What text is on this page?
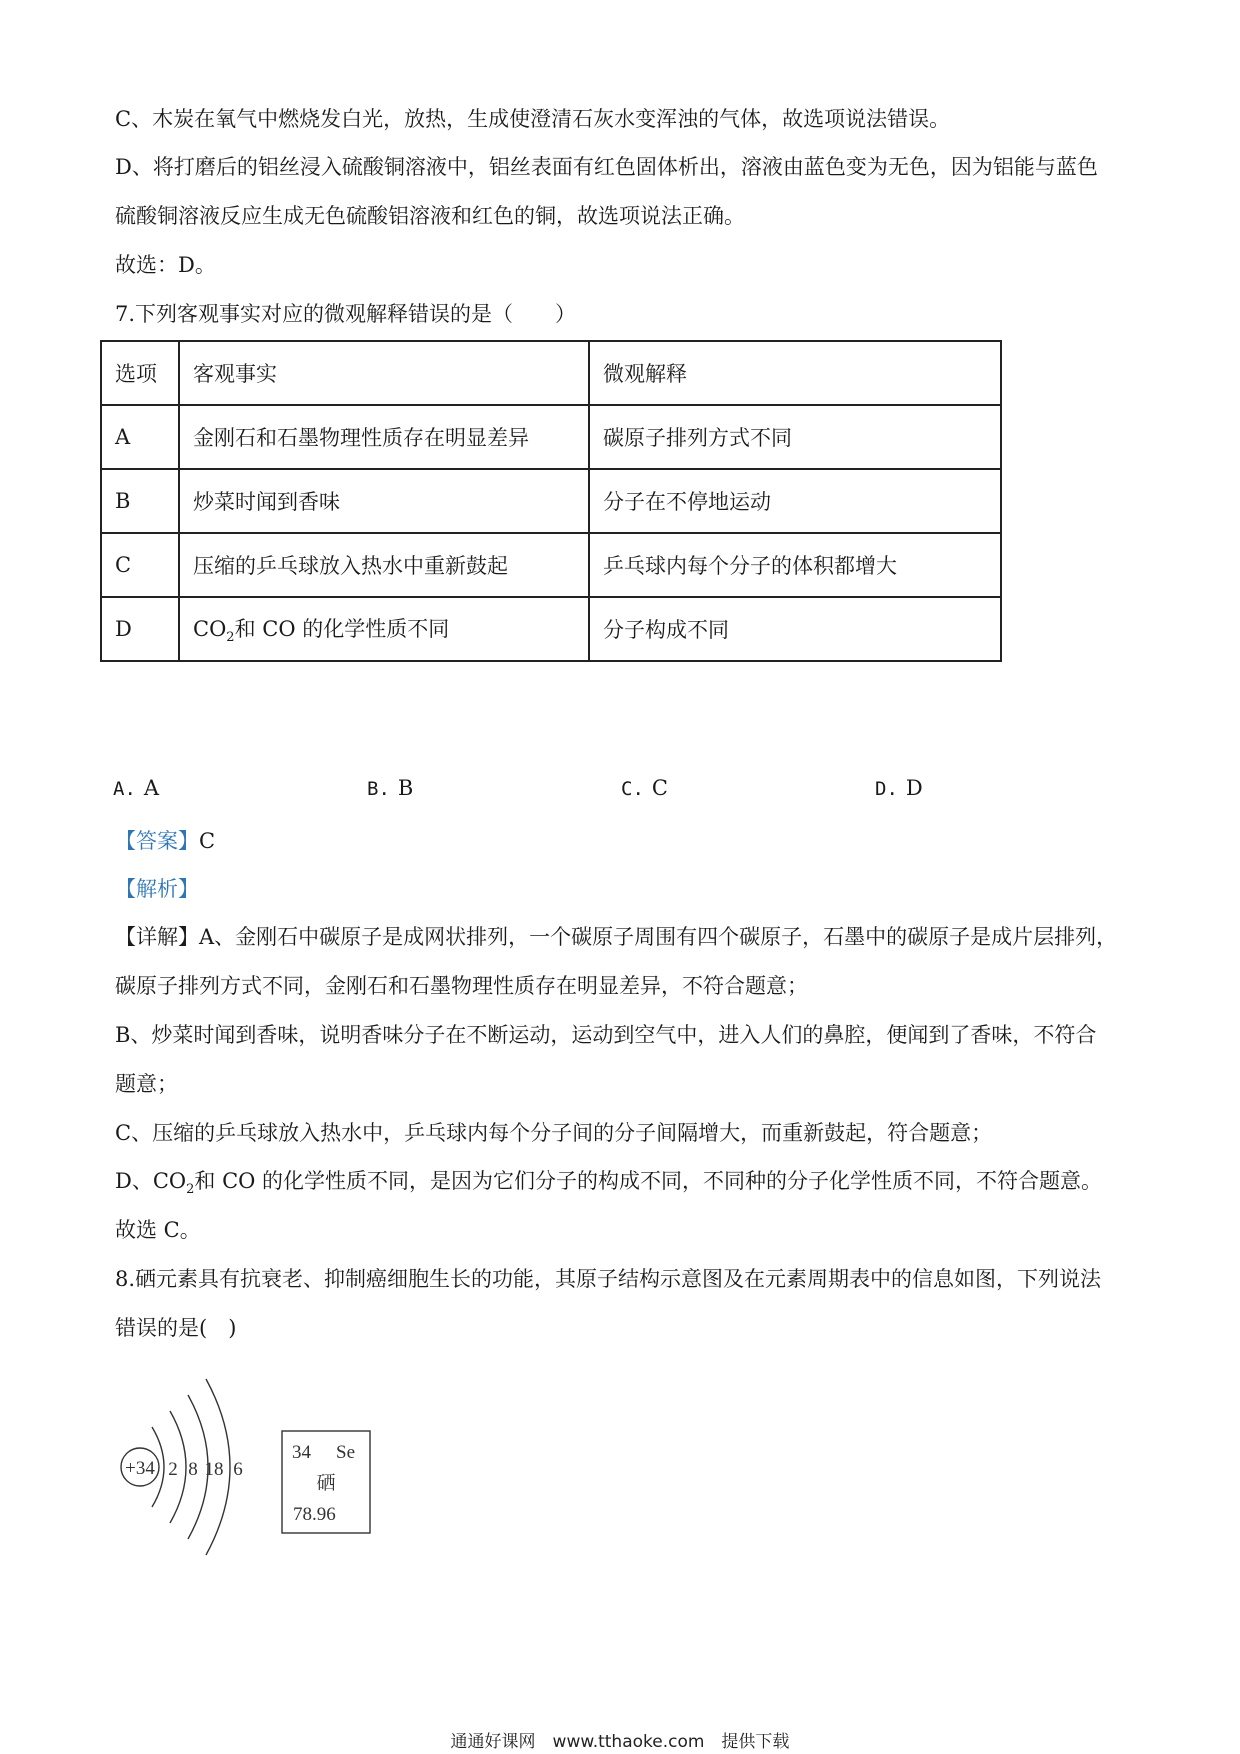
C、木炭在氧气中燃烧发白光，放热，生成使澄清石灰水变浑浊的气体，故选项说法错误。
D、将打磨后的铝丝浸入硫酸铜溶液中，铝丝表面有红色固体析出，溶液由蓝色变为无色，因为铝能与蓝色
硫酸铜溶液反应生成无色硫酸铝溶液和红色的铜，故选项说法正确。
故选：D。
7.下列客观事实对应的微观解释错误的是（　　）
选项	客观事实	微观解释
A	金刚石和石墨物理性质存在明显差异	碳原子排列方式不同
B	炒菜时闻到香味	分子在不停地运动
C	压缩的乒乓球放入热水中重新鼓起	乒乓球内每个分子的体积都增大
D	$CO_2$和 CO 的化学性质不同	分子构成不同
A. A	B. B	C. C	D. D
【答案】C
【解析】
【详解】A、金刚石中碳原子是成网状排列，一个碳原子周围有四个碳原子，石墨中的碳原子是成片层排列，
碳原子排列方式不同，金刚石和石墨物理性质存在明显差异，不符合题意；
B、炒菜时闻到香味，说明香味分子在不断运动，运动到空气中，进入人们的鼻腔，便闻到了香味，不符合
题意；
C、压缩的乒乓球放入热水中，乒乓球内每个分子间的分子间隔增大，而重新鼓起，符合题意；
D、$CO_2$和 CO 的化学性质不同，是因为它们分子的构成不同，不同种的分子化学性质不同，不符合题意。
故选 C。
8.硒元素具有抗衰老、抑制癌细胞生长的功能，其原子结构示意图及在元素周期表中的信息如图，下列说法
错误的是(　)
+34 2 8 18 6
34 Se
硒
78.96
通通好课网　www.tthaoke.com　提供下载
